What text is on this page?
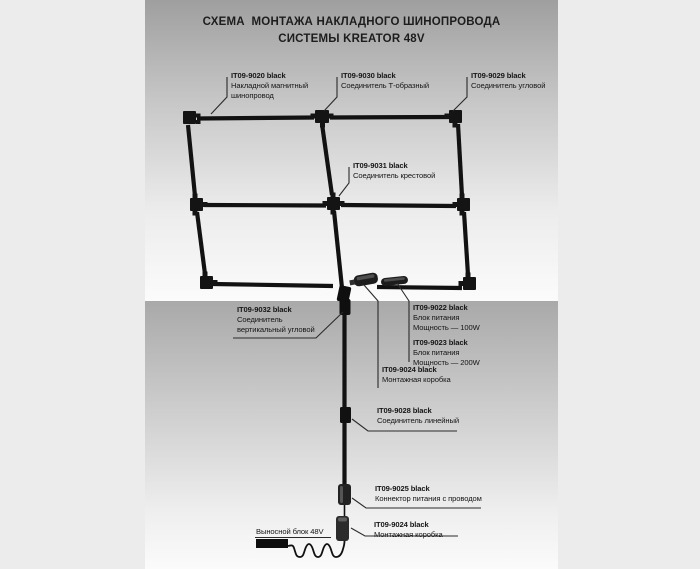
СХЕМА  МОНТАЖА НАКЛАДНОГО ШИНОПРОВОДА
СИСТЕМЫ KREATOR 48V
IT09-9020 black
Накладной магнитный
шинопровод
IT09-9030 black
Соединитель Т-образный
IT09-9029 black
Соединитель угловой
IT09-9031 black
Соединитель крестовой
IT09-9032 black
Соединитель
вертикальный угловой
IT09-9022 black
Блок питания
Мощность — 100W
IT09-9023 black
Блок питания
Мощность — 200W
IT09-9024 black
Монтажная коробка
IT09-9028 black
Соединитель линейный
IT09-9025 black
Коннектор питания с проводом
IT09-9024 black
Монтажная коробка
Выносной блок 48V
